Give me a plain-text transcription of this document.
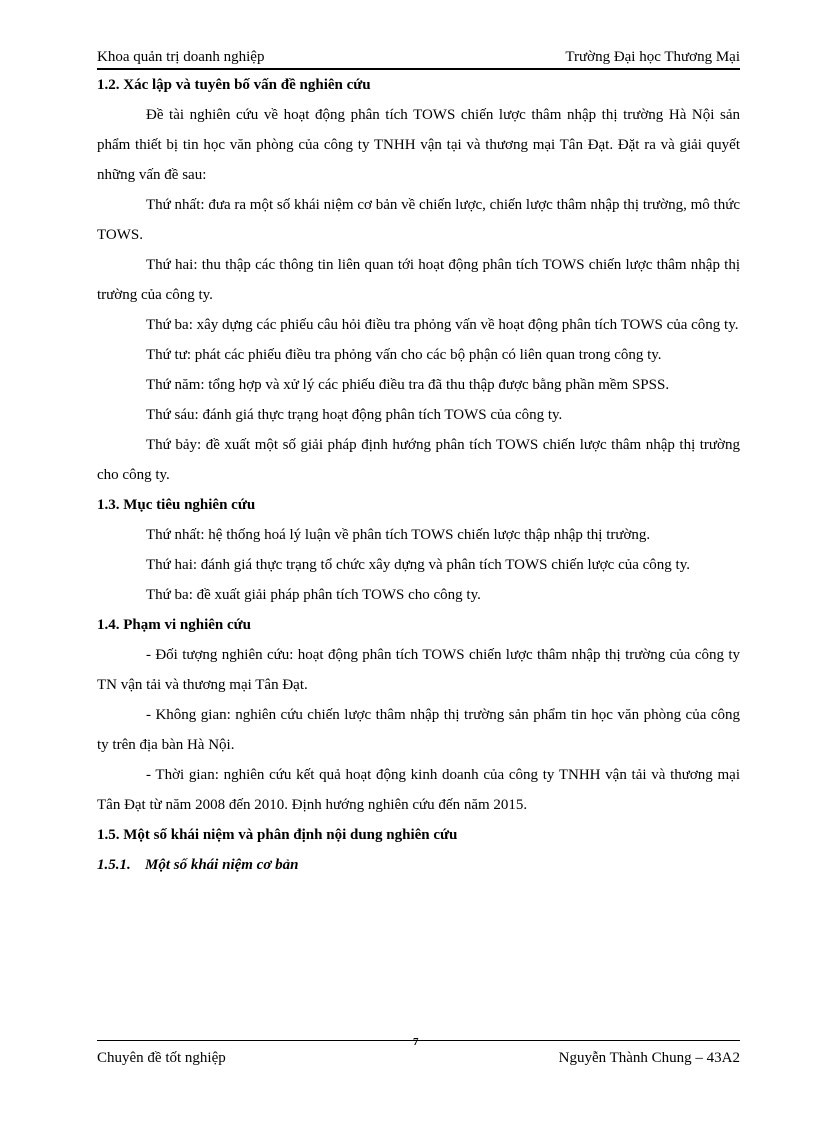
Khoa quản trị doanh nghiệp	Trường Đại học Thương Mại
1.2. Xác lập và tuyên bố vấn đề nghiên cứu

Đề tài nghiên cứu về hoạt động phân tích TOWS chiến lược thâm nhập thị trường Hà Nội sản phẩm thiết bị tin học văn phòng của công ty TNHH vận tại và thương mại Tân Đạt. Đặt ra và giải quyết những vấn đề sau:

Thứ nhất: đưa ra một số khái niệm cơ bản về chiến lược, chiến lược thâm nhập thị trường, mô thức TOWS.

Thứ hai: thu thập các thông tin liên quan tới hoạt động phân tích TOWS chiến lược thâm nhập thị trường của công ty.

Thứ ba: xây dựng các phiếu câu hỏi điều tra phỏng vấn về hoạt động phân tích TOWS của công ty.

Thứ tư: phát các phiếu điều tra phỏng vấn cho các bộ phận có liên quan trong công ty.

Thứ năm: tổng hợp và xử lý các phiếu điều tra đã thu thập được bằng phần mềm SPSS.

Thứ sáu: đánh giá thực trạng hoạt động phân tích TOWS của công ty.

Thứ bảy: đề xuất một số giải pháp định hướng phân tích TOWS chiến lược thâm nhập thị trường cho công ty.

1.3. Mục tiêu nghiên cứu

Thứ nhất: hệ thống hoá lý luận về phân tích TOWS chiến lược thập nhập thị trường.

Thứ hai: đánh giá thực trạng tổ chức xây dựng và phân tích TOWS chiến lược của công ty.

Thứ ba: đề xuất giải pháp phân tích TOWS cho công ty.

1.4. Phạm vi nghiên cứu

- Đối tượng nghiên cứu: hoạt động phân tích TOWS chiến lược thâm nhập thị trường của công ty TN vận tải và thương mại Tân Đạt.

- Không gian: nghiên cứu chiến lược thâm nhập thị trường sản phẩm tin học văn phòng của công ty trên địa bàn Hà Nội.

- Thời gian: nghiên cứu kết quả hoạt động kinh doanh của công ty TNHH vận tải và thương mại Tân Đạt từ năm 2008 đến 2010. Định hướng nghiên cứu đến năm 2015.

1.5. Một số khái niệm và phân định nội dung nghiên cứu
1.5.1. Một số khái niệm cơ bản
Chuyên đề tốt nghiệp
7
Nguyễn Thành Chung – 43A2
